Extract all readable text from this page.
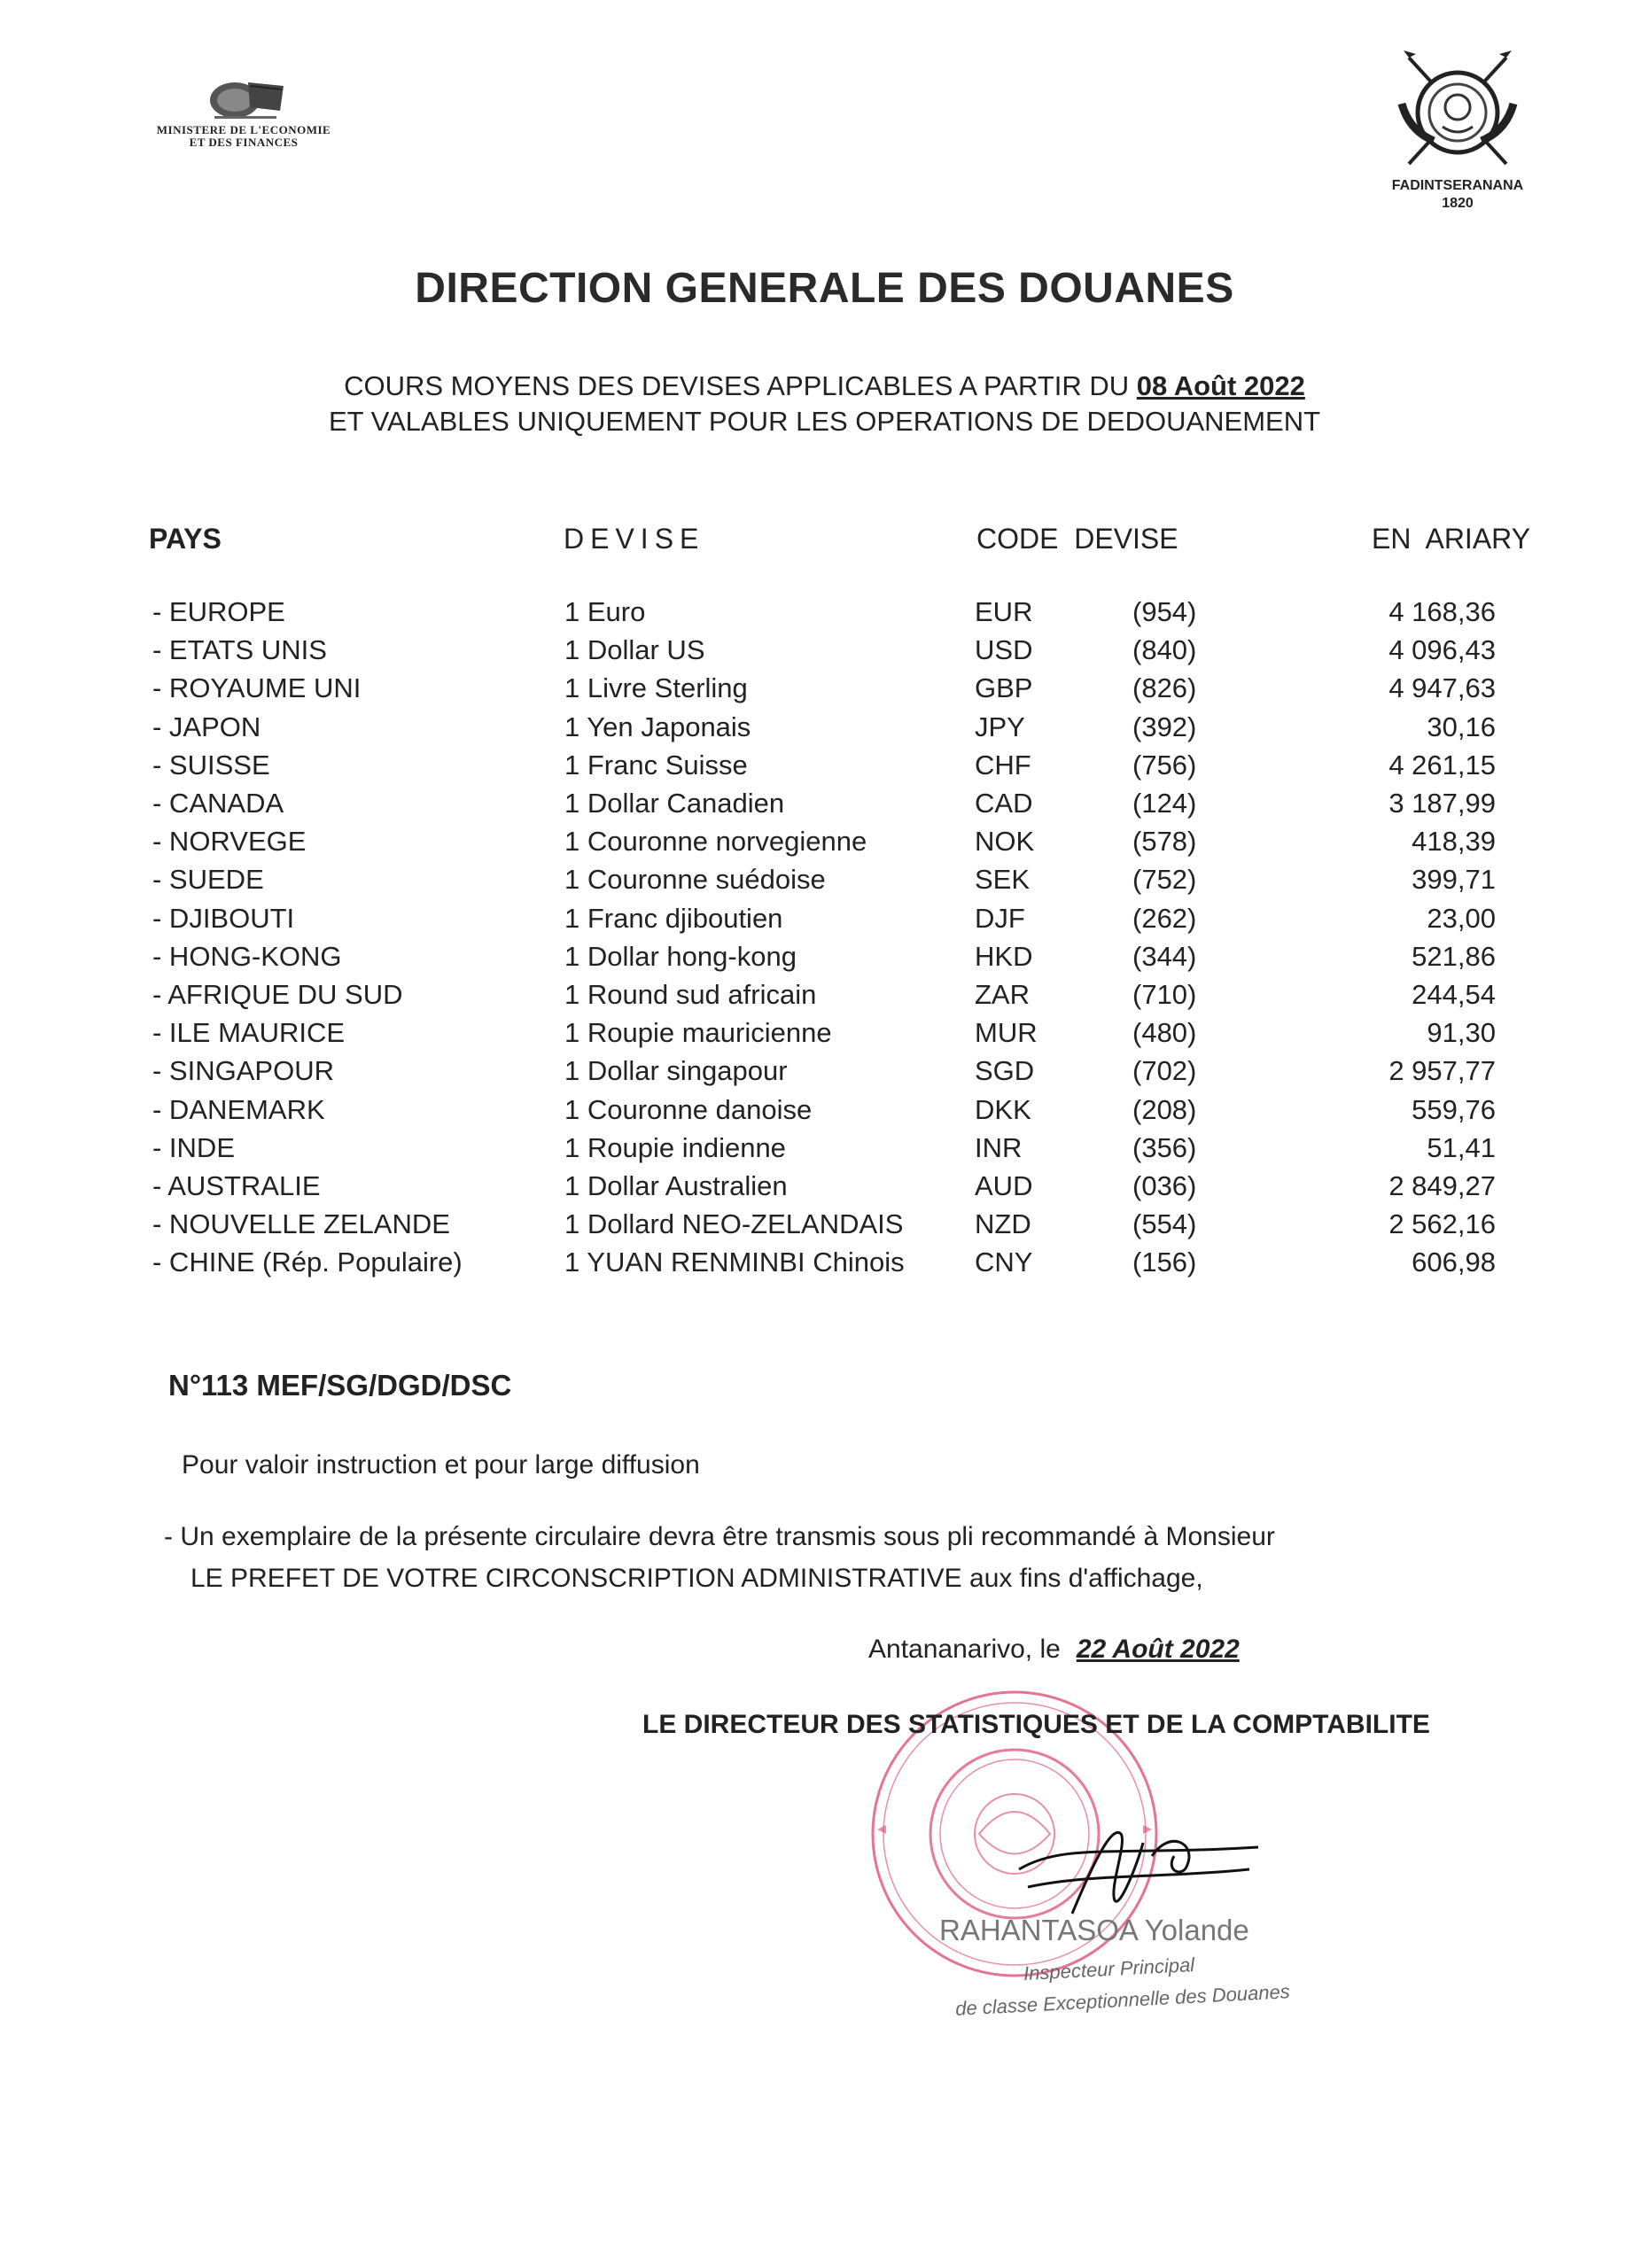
MINISTERE DE L'ECONOMIE
ET DES FINANCES
FADINTSERANANA
1820
DIRECTION GENERALE DES DOUANES
COURS MOYENS DES DEVISES APPLICABLES A PARTIR DU 08 Août 2022
ET VALABLES UNIQUEMENT POUR LES OPERATIONS DE DEDOUANEMENT
PAYS	DEVISE	CODE  DEVISE	EN  ARIARY
- EUROPE	1 Euro	EUR	(954)	4 168,36
- ETATS UNIS	1 Dollar US	USD	(840)	4 096,43
- ROYAUME UNI	1 Livre Sterling	GBP	(826)	4 947,63
- JAPON	1 Yen Japonais	JPY	(392)	30,16
- SUISSE	1 Franc Suisse	CHF	(756)	4 261,15
- CANADA	1 Dollar Canadien	CAD	(124)	3 187,99
- NORVEGE	1 Couronne norvegienne	NOK	(578)	418,39
- SUEDE	1 Couronne suédoise	SEK	(752)	399,71
- DJIBOUTI	1 Franc djiboutien	DJF	(262)	23,00
- HONG-KONG	1 Dollar hong-kong	HKD	(344)	521,86
- AFRIQUE DU SUD	1 Round sud africain	ZAR	(710)	244,54
- ILE MAURICE	1 Roupie mauricienne	MUR	(480)	91,30
- SINGAPOUR	1 Dollar singapour	SGD	(702)	2 957,77
- DANEMARK	1 Couronne danoise	DKK	(208)	559,76
- INDE	1 Roupie indienne	INR	(356)	51,41
- AUSTRALIE	1 Dollar Australien	AUD	(036)	2 849,27
- NOUVELLE ZELANDE	1 Dollard NEO-ZELANDAIS	NZD	(554)	2 562,16
- CHINE (Rép. Populaire)	1 YUAN RENMINBI Chinois	CNY	(156)	606,98
N°113 MEF/SG/DGD/DSC
Pour valoir instruction et pour large diffusion
- Un exemplaire de la présente circulaire devra être transmis sous pli recommandé à Monsieur
LE PREFET DE VOTRE CIRCONSCRIPTION ADMINISTRATIVE aux fins d'affichage,
Antananarivo, le 22 Août 2022
LE DIRECTEUR DES STATISTIQUES ET DE LA COMPTABILITE
RAHANTASOA Yolande
Inspecteur Principal
de classe Exceptionnelle des Douanes
